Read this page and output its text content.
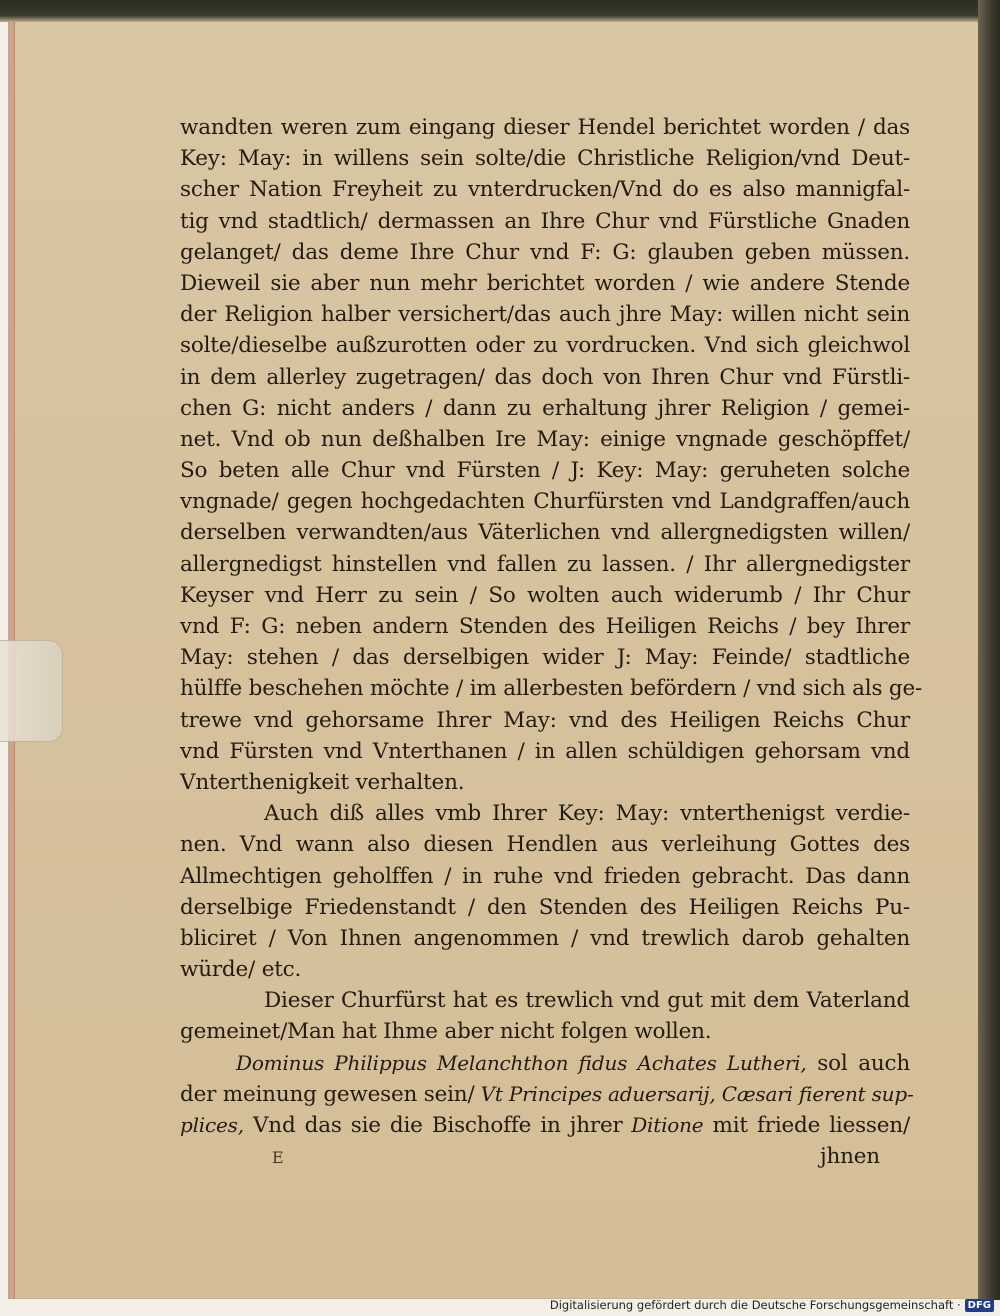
wandten weren zum eingang dieser Hendel berichtet worden / das
Key: May: in willens sein solte/die Christliche Religion/vnd Deut-
scher Nation Freyheit zu vnterdrucken/Vnd do es also mannigfal-
tig vnd stadtlich/ dermassen an Ihre Chur vnd Fürstliche Gnaden
gelanget/ das deme Ihre Chur vnd F: G: glauben geben müssen.
Dieweil sie aber nun mehr berichtet worden / wie andere Stende
der Religion halber versichert/das auch jhre May: willen nicht sein
solte/dieselbe außzurotten oder zu vordrucken. Vnd sich gleichwol
in dem allerley zugetragen/ das doch von Ihren Chur vnd Fürstli-
chen G: nicht anders / dann zu erhaltung jhrer Religion / gemei-
net. Vnd ob nun deßhalben Ire May: einige vngnade geschöpffet/
So beten alle Chur vnd Fürsten / J: Key: May: geruheten solche
vngnade/ gegen hochgedachten Churfürsten vnd Landgraffen/auch
derselben verwandten/aus Väterlichen vnd allergnedigsten willen/
allergnedigst hinstellen vnd fallen zu lassen. / Ihr allergnedigster
Keyser vnd Herr zu sein / So wolten auch widerumb / Ihr Chur
vnd F: G: neben andern Stenden des Heiligen Reichs / bey Ihrer
May: stehen / das derselbigen wider J: May: Feinde/ stadtliche
hülffe beschehen möchte / im allerbesten befördern / vnd sich als ge-
trewe vnd gehorsame Ihrer May: vnd des Heiligen Reichs Chur
vnd Fürsten vnd Vnterthanen / in allen schüldigen gehorsam vnd
Vnterthenigkeit verhalten.
Auch diß alles vmb Ihrer Key: May: vnterthenigst verdie-
nen. Vnd wann also diesen Hendlen aus verleihung Gottes des
Allmechtigen geholffen / in ruhe vnd frieden gebracht. Das dann
derselbige Friedenstandt / den Stenden des Heiligen Reichs Pu-
bliciret / Von Ihnen angenommen / vnd trewlich darob gehalten
würde/ etc.
Dieser Churfürst hat es trewlich vnd gut mit dem Vaterland
gemeinet/Man hat Ihme aber nicht folgen wollen.
Dominus Philippus Melanchthon fidus Achates Lutheri, sol auch
der meinung gewesen sein/ Vt Principes aduersarij, Cæsari fierent sup-
plices, Vnd das sie die Bischoffe in jhrer Ditione mit friede liessen/
jhnen
E
Digitalisierung gefördert durch die Deutsche Forschungsgemeinschaft · DFG
